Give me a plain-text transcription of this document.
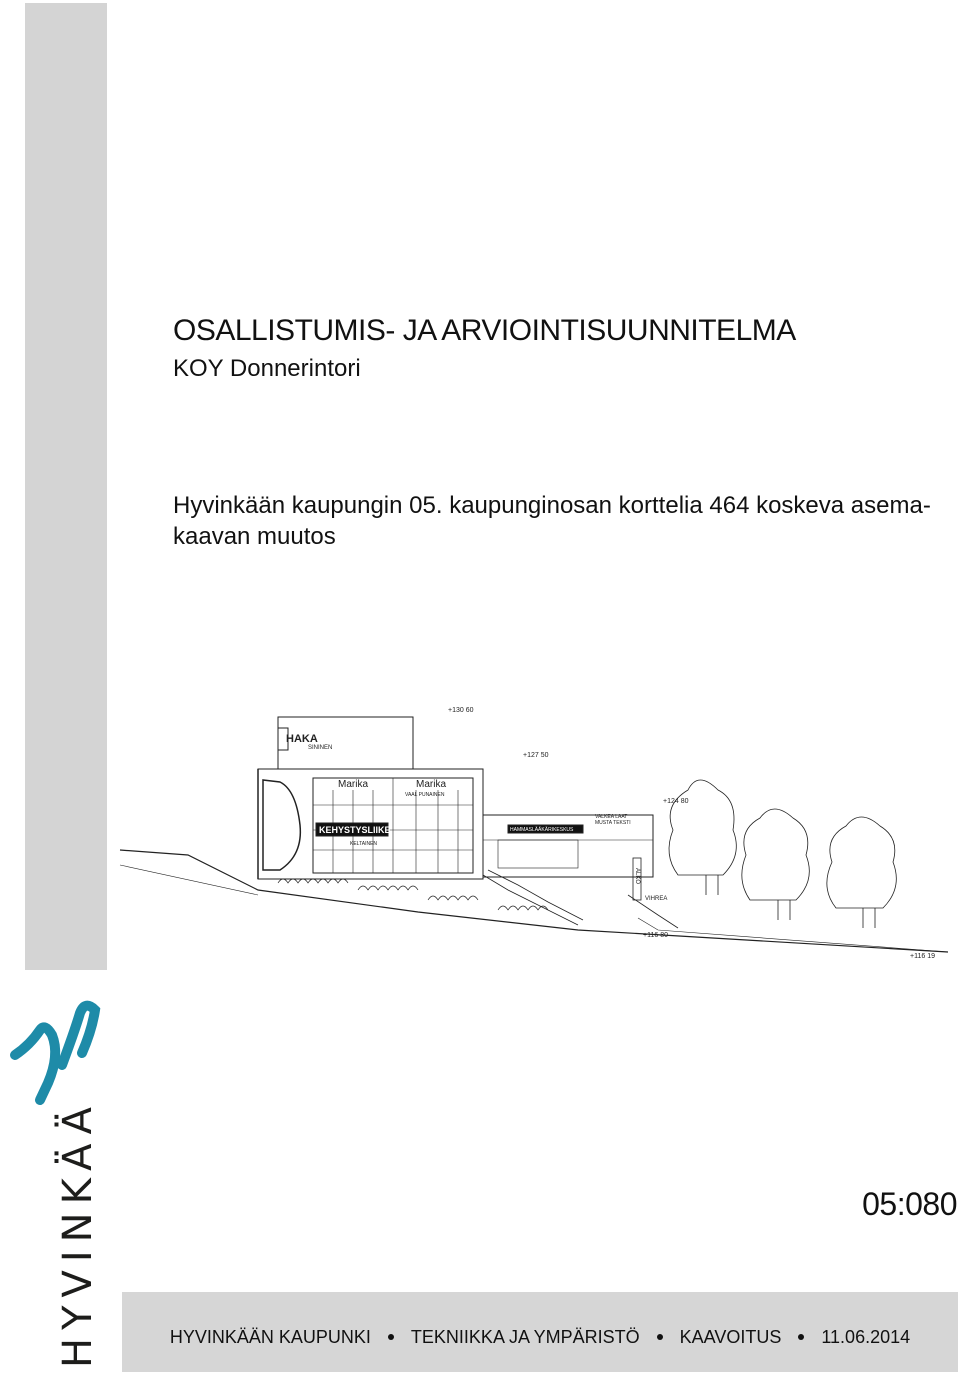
OSALLISTUMIS- JA ARVIOINTISUUNNITELMA
KOY Donnerintori
Hyvinkään kaupungin 05. kaupunginosan korttelia 464 koskeva asema-kaavan muutos
+130 60
+127 50
+124 80
+116 80
+116 19
HAKA
SININEN
Marika	Marika
VAAL PUNAINEN
KEHYSTYSLIIKE
KELTAINEN
HAMMASLÄÄKÄRIKESKUS
VALKEA LAAT
MUSTA TEKSTI
VIHREA
ALKO
05:080
HYVINKÄÄN KAUPUNKI TEKNIIKKA JA YMPÄRISTÖ KAAVOITUS 11.06.2014
HYVINKÄÄ
